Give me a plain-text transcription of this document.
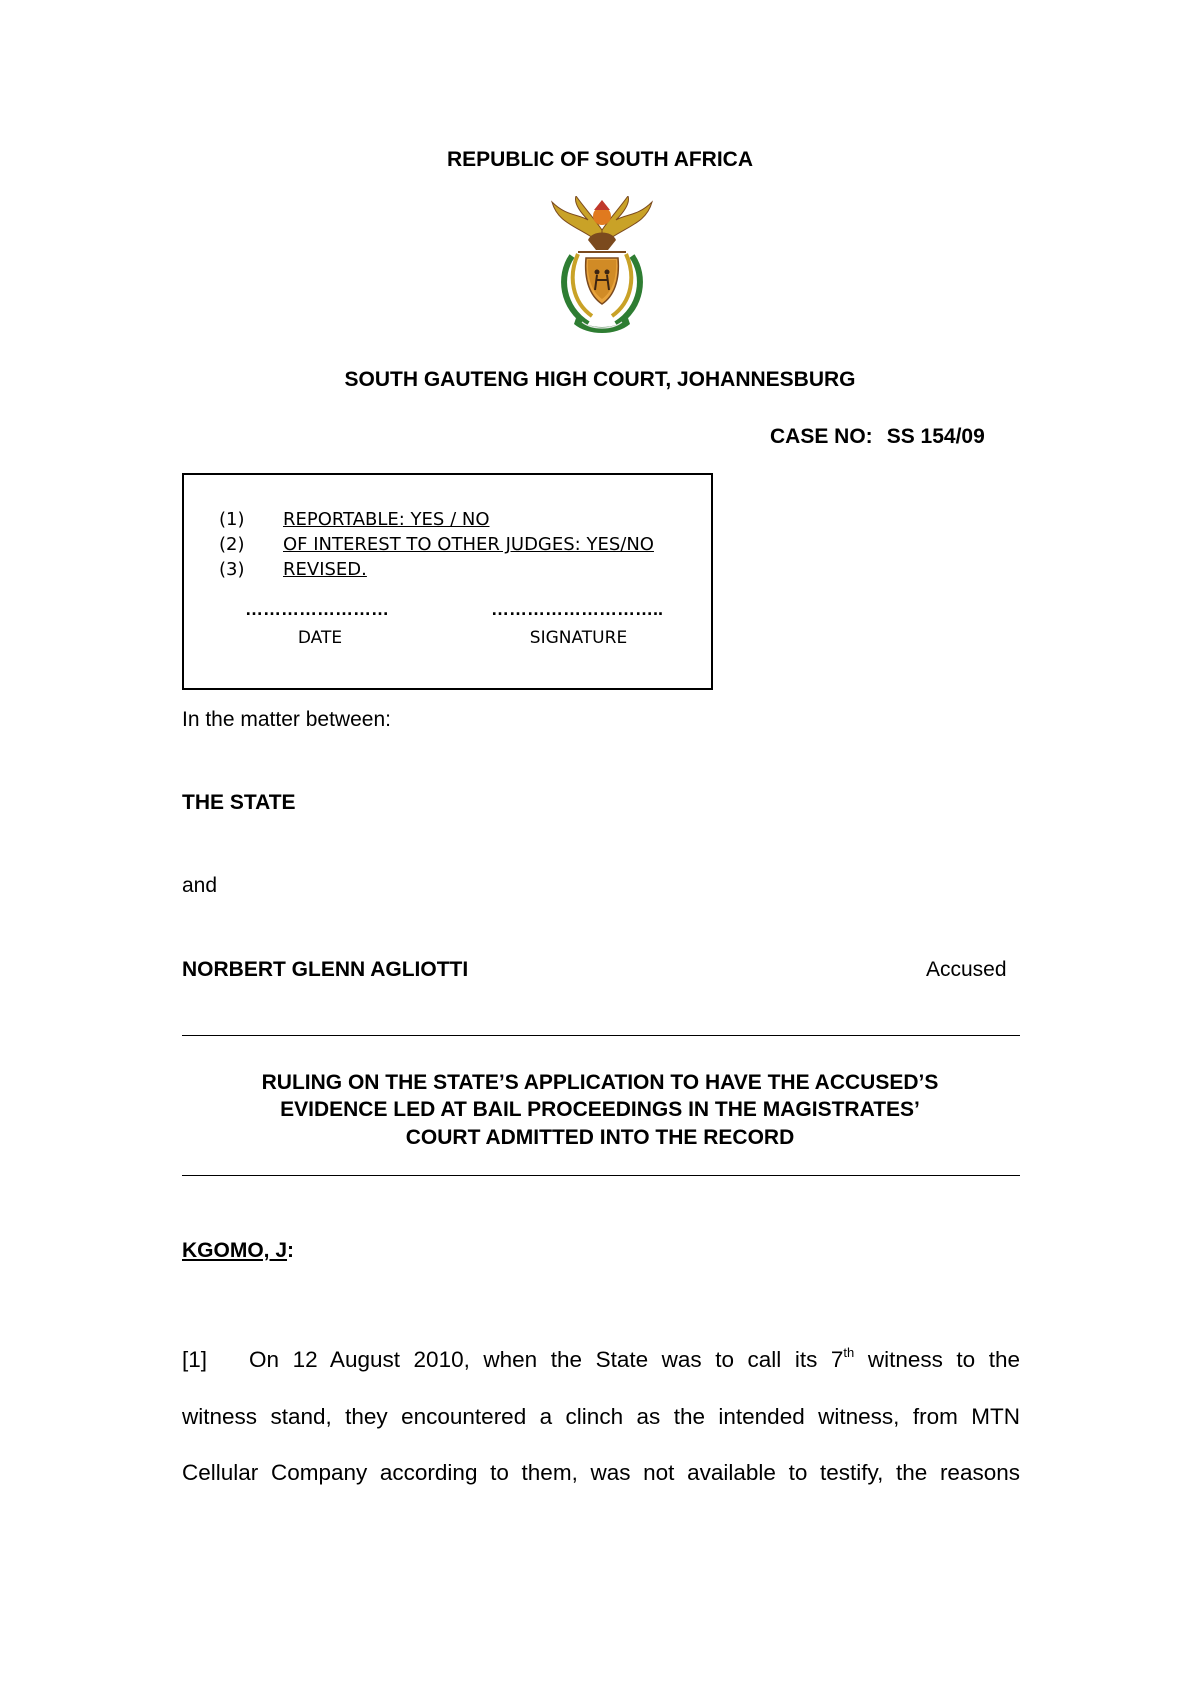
REPUBLIC OF SOUTH AFRICA
SOUTH GAUTENG HIGH COURT, JOHANNESBURG
CASE NO: SS 154/09
(1) REPORTABLE: YES / NO
(2) OF INTEREST TO OTHER JUDGES: YES/NO
(3) REVISED.
……………………	………………………..
DATE	SIGNATURE
In the matter between:
THE STATE
and
NORBERT GLENN AGLIOTTI	Accused
RULING ON THE STATE’S APPLICATION TO HAVE THE ACCUSED’S
EVIDENCE LED AT BAIL PROCEEDINGS IN THE MAGISTRATES’
COURT ADMITTED INTO THE RECORD
KGOMO, J:
[1] On 12 August 2010, when the State was to call its 7th witness to the
witness stand, they encountered a clinch as the intended witness, from MTN
Cellular Company according to them, was not available to testify, the reasons
